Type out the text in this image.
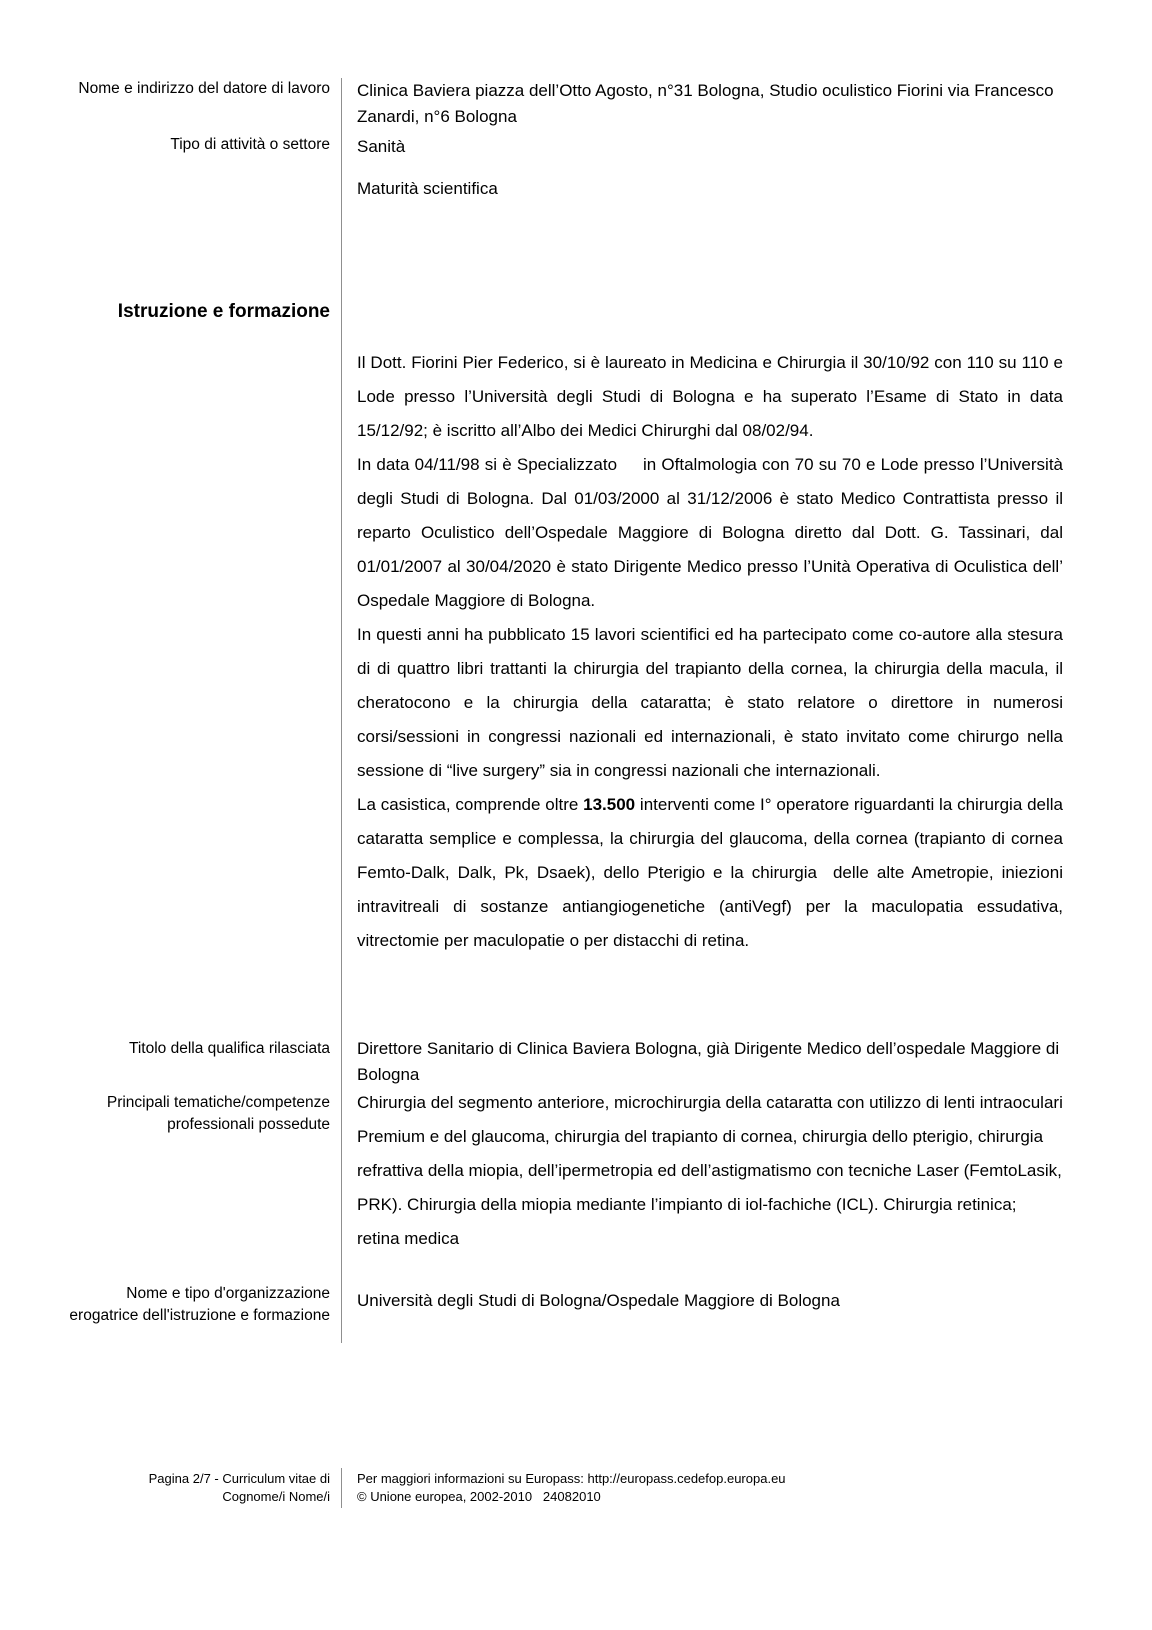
Nome e indirizzo del datore di lavoro Clinica Baviera piazza dell’Otto Agosto, n°31 Bologna, Studio oculistico Fiorini via Francesco Zanardi, n°6 Bologna
Tipo di attività o settore Sanità
Maturità scientifica
Istruzione e formazione

Il Dott. Fiorini Pier Federico, si è laureato in Medicina e Chirurgia il 30/10/92 con 110 su 110 e Lode presso l’Università degli Studi di Bologna e ha superato l’Esame di Stato in data 15/12/92; è iscritto all’Albo dei Medici Chirurghi dal 08/02/94.

In data 04/11/98 si è Specializzato     in Oftalmologia con 70 su 70 e Lode presso l’Università degli Studi di Bologna. Dal 01/03/2000 al 31/12/2006 è stato Medico Contrattista presso il reparto Oculistico dell’Ospedale Maggiore di Bologna diretto dal Dott. G. Tassinari, dal 01/01/2007 al 30/04/2020 è stato Dirigente Medico presso l’Unità Operativa di Oculistica dell’ Ospedale Maggiore di Bologna.

In questi anni ha pubblicato 15 lavori scientifici ed ha partecipato come co-autore alla stesura di di quattro libri trattanti la chirurgia del trapianto della cornea, la chirurgia della macula, il cheratocono e la chirurgia della cataratta; è stato relatore o direttore in numerosi corsi/sessioni in congressi nazionali ed internazionali, è stato invitato come chirurgo nella sessione di “live surgery” sia in congressi nazionali che internazionali.

La casistica, comprende oltre 13.500 interventi come I° operatore riguardanti la chirurgia della cataratta semplice e complessa, la chirurgia del glaucoma, della cornea (trapianto di cornea Femto-Dalk, Dalk, Pk, Dsaek), dello Pterigio e la chirurgia  delle alte Ametropie, iniezioni intravitreali di sostanze antiangiogenetiche (antiVegf) per la maculopatia essudativa, vitrectomie per maculopatie o per distacchi di retina.

Titolo della qualifica rilasciata Direttore Sanitario di Clinica Baviera Bologna, già Dirigente Medico dell’ospedale Maggiore di Bologna
Principali tematiche/competenze
professionali possedute
Chirurgia del segmento anteriore, microchirurgia della cataratta con utilizzo di lenti intraoculari Premium e del glaucoma, chirurgia del trapianto di cornea, chirurgia dello pterigio, chirurgia refrattiva della miopia, dell’ipermetropia ed dell’astigmatismo con tecniche Laser (FemtoLasik, PRK). Chirurgia della miopia mediante l’impianto di iol-fachiche (ICL). Chirurgia retinica; retina medica
Nome e tipo d'organizzazione
erogatrice dell'istruzione e formazione
Università degli Studi di Bologna/Ospedale Maggiore di Bologna
Pagina 2/7 - Curriculum vitae di
Cognome/i Nome/i
Per maggiori informazioni su Europass: http://europass.cedefop.europa.eu
© Unione europea, 2002-2010   24082010
